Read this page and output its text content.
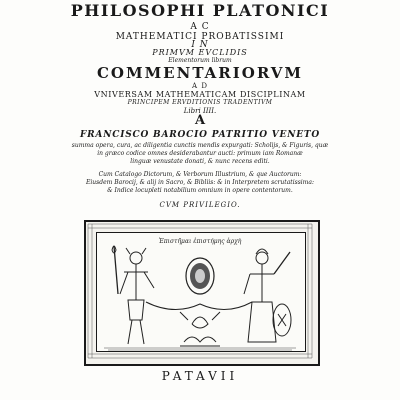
PHILOSOPHI PLATONICI
A C
MATHEMATICI PROBATISSIMI
I N
PRIMVM EVCLIDIS
Elementorum librum
COMMENTARIORVM
A D
VNIVERSAM MATHEMATICAM DISCIPLINAM
PRINCIPEM ERVDITIONIS TRADENTIVM
Libri IIII.
A
FRANCISCO BAROCIO PATRITIO VENETO
summa opera, cura, ac diligentia cunctis mendis expurgati: Scholijs, & Figuris, quæ
in græco codice omnes desiderabantur aucti: primum iam Romanæ
linguæ venustate donati, & nunc recens editi.
Cum Catalogo Dictorum, & Verborum Illustrium, & que Auctorum:
Eiusdem Barocij, & alij in Sacro, & Bibliis: & in Interpretem scrutatissima:
& Indice locupleti notabilium omnium in opere contentorum.
CVM PRIVILEGIO.
Ἐπιστῆμαι ἐπιστήμης ἀρχὴ
PATAVII
